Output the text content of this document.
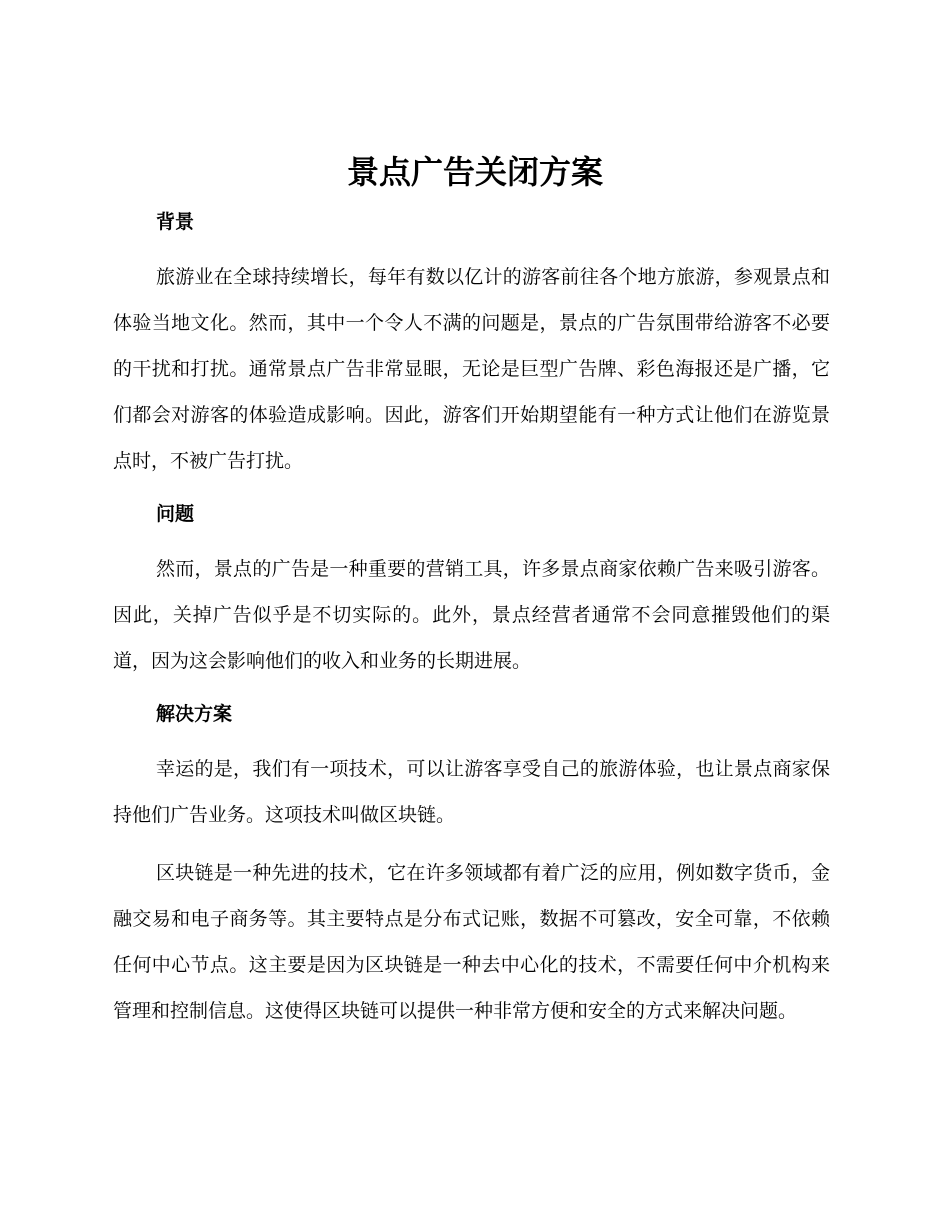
景点广告关闭方案
背景

旅游业在全球持续增长，每年有数以亿计的游客前往各个地方旅游，参观景点和体验当地文化。然而，其中一个令人不满的问题是，景点的广告氛围带给游客不必要的干扰和打扰。通常景点广告非常显眼，无论是巨型广告牌、彩色海报还是广播，它们都会对游客的体验造成影响。因此，游客们开始期望能有一种方式让他们在游览景点时，不被广告打扰。

问题

然而，景点的广告是一种重要的营销工具，许多景点商家依赖广告来吸引游客。因此，关掉广告似乎是不切实际的。此外，景点经营者通常不会同意摧毁他们的渠道，因为这会影响他们的收入和业务的长期进展。

解决方案

幸运的是，我们有一项技术，可以让游客享受自己的旅游体验，也让景点商家保持他们广告业务。这项技术叫做区块链。

区块链是一种先进的技术，它在许多领域都有着广泛的应用，例如数字货币，金融交易和电子商务等。其主要特点是分布式记账，数据不可篡改，安全可靠，不依赖任何中心节点。这主要是因为区块链是一种去中心化的技术，不需要任何中介机构来管理和控制信息。这使得区块链可以提供一种非常方便和安全的方式来解决问题。
